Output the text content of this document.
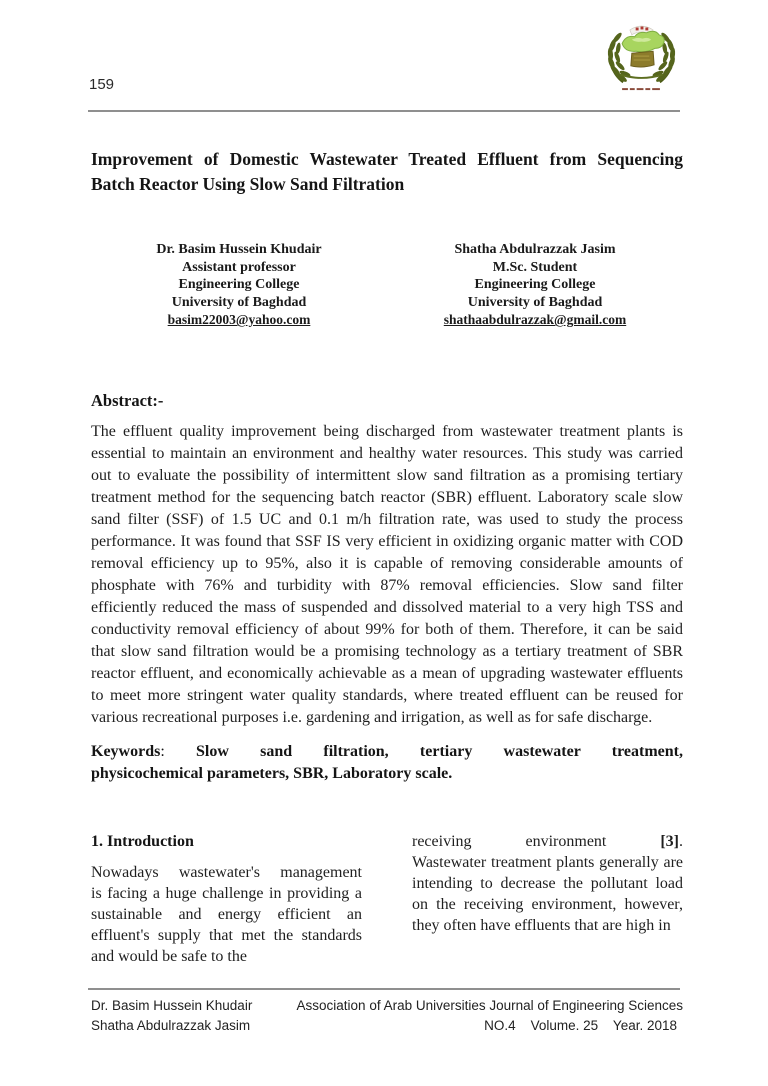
159
Improvement of Domestic Wastewater Treated Effluent from Sequencing Batch Reactor Using Slow Sand Filtration
Dr. Basim Hussein Khudair
Assistant professor
Engineering College
University of Baghdad
basim22003@yahoo.com
Shatha Abdulrazzak Jasim
M.Sc. Student
Engineering College
University of Baghdad
shathaabdulrazzak@gmail.com
Abstract:-

The effluent quality improvement being discharged from wastewater treatment plants is essential to maintain an environment and healthy water resources. This study was carried out to evaluate the possibility of intermittent slow sand filtration as a promising tertiary treatment method for the sequencing batch reactor (SBR) effluent. Laboratory scale slow sand filter (SSF) of 1.5 UC and 0.1 m/h filtration rate, was used to study the process performance. It was found that SSF IS very efficient in oxidizing organic matter with COD removal efficiency up to 95%, also it is capable of removing considerable amounts of phosphate with 76% and turbidity with 87% removal efficiencies. Slow sand filter efficiently reduced the mass of suspended and dissolved material to a very high TSS and conductivity removal efficiency of about 99% for both of them. Therefore, it can be said that slow sand filtration would be a promising technology as a tertiary treatment of SBR reactor effluent, and economically achievable as a mean of upgrading wastewater effluents to meet more stringent water quality standards, where treated effluent can be reused for various recreational purposes i.e. gardening and irrigation, as well as for safe discharge.

Keywords: Slow sand filtration, tertiary wastewater treatment, physicochemical parameters, SBR, Laboratory scale.

1. Introduction

Nowadays wastewater's management is facing a huge challenge in providing a sustainable and energy efficient an effluent's supply that met the standards and would be safe to the

receiving environment [3]. Wastewater treatment plants generally are intending to decrease the pollutant load on the receiving environment, however, they often have effluents that are high in

Dr. Basim Hussein Khudair
Shatha Abdulrazzak Jasim
Association of Arab Universities Journal of Engineering Sciences
NO.4    Volume. 25    Year. 2018
